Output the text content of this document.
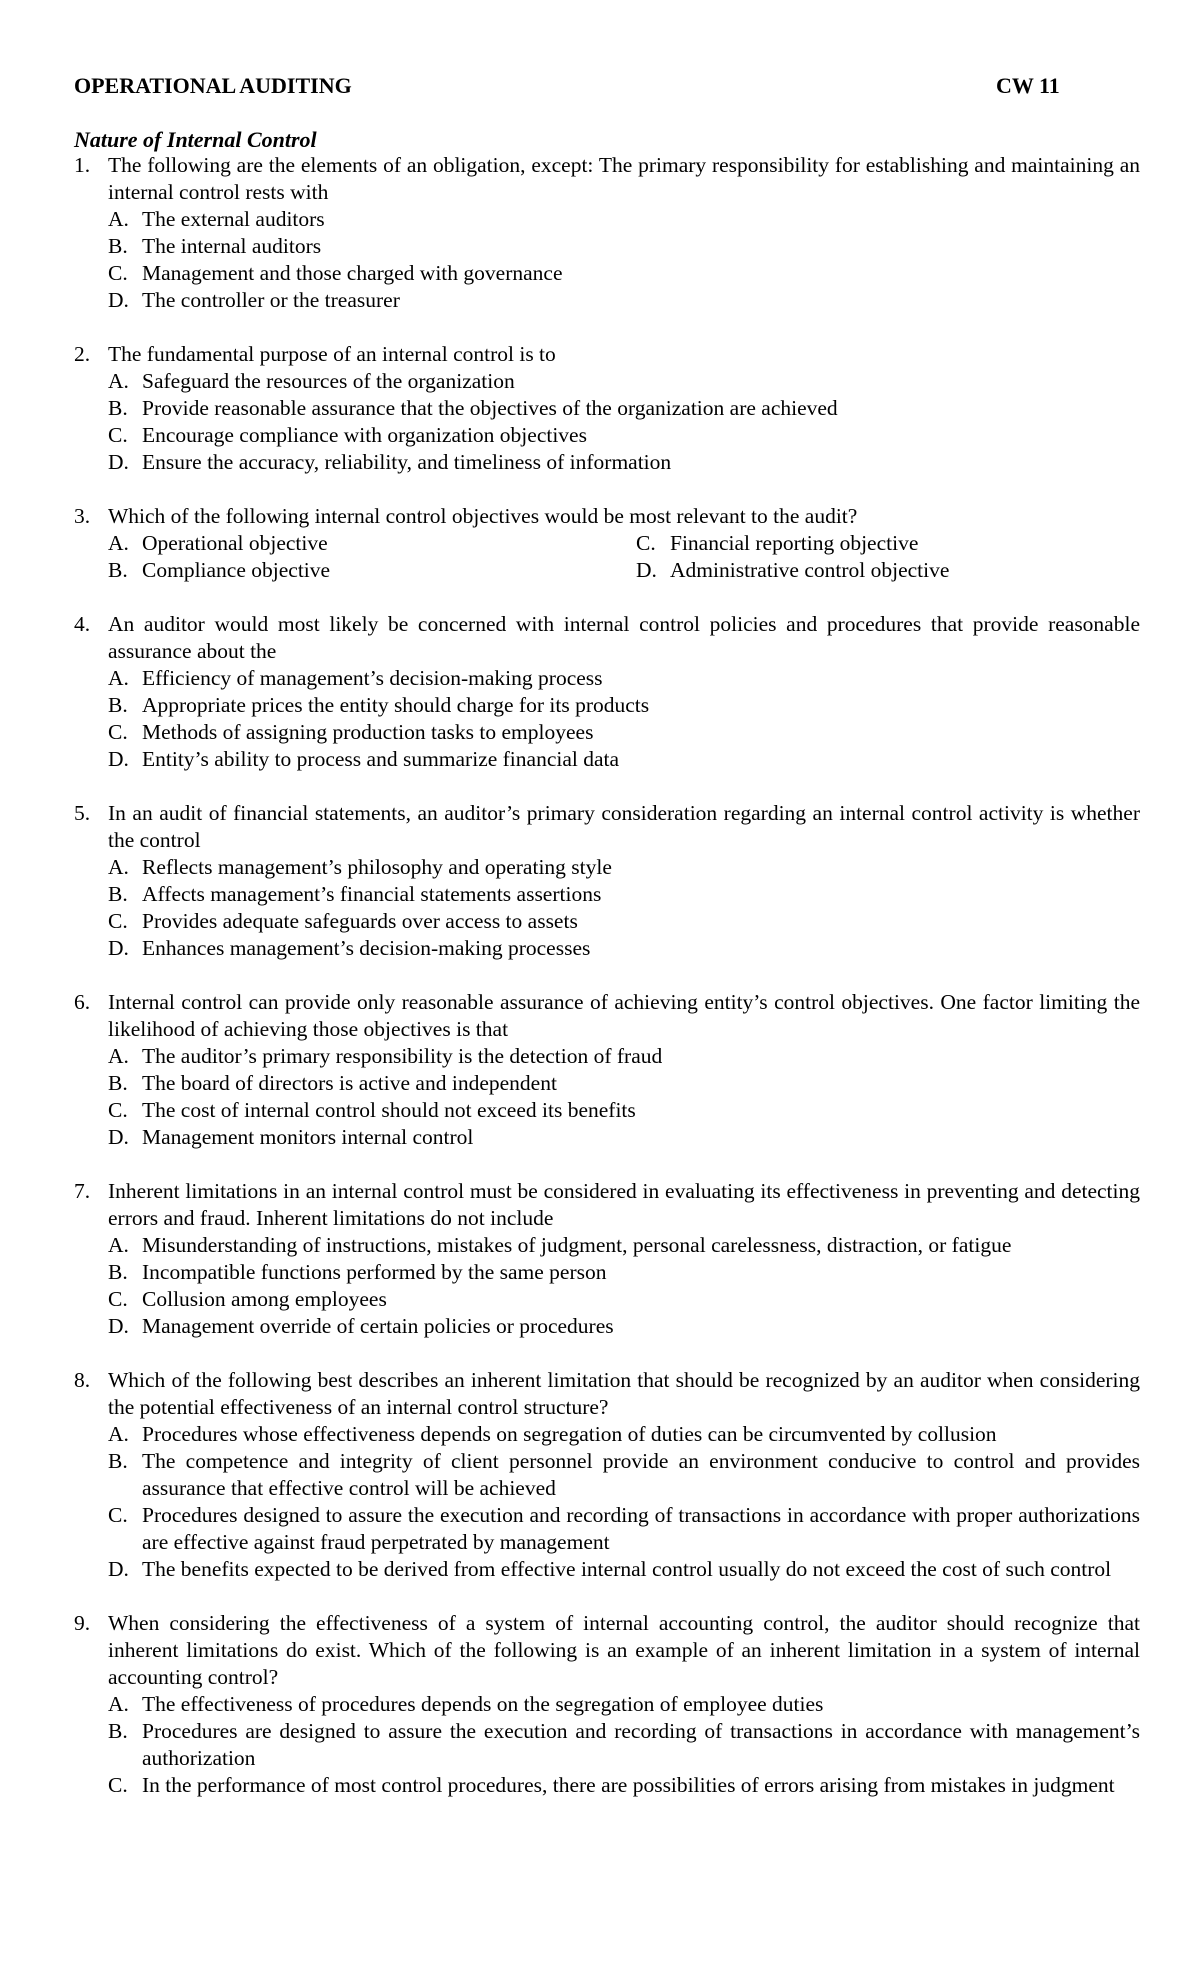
OPERATIONAL AUDITING	CW 11
Nature of Internal Control
1. The following are the elements of an obligation, except: The primary responsibility for establishing and maintaining an internal control rests with
A. The external auditors
B. The internal auditors
C. Management and those charged with governance
D. The controller or the treasurer
2. The fundamental purpose of an internal control is to
A. Safeguard the resources of the organization
B. Provide reasonable assurance that the objectives of the organization are achieved
C. Encourage compliance with organization objectives
D. Ensure the accuracy, reliability, and timeliness of information
3. Which of the following internal control objectives would be most relevant to the audit?
A. Operational objective	C. Financial reporting objective
B. Compliance objective	D. Administrative control objective
4. An auditor would most likely be concerned with internal control policies and procedures that provide reasonable assurance about the
A. Efficiency of management’s decision-making process
B. Appropriate prices the entity should charge for its products
C. Methods of assigning production tasks to employees
D. Entity’s ability to process and summarize financial data
5. In an audit of financial statements, an auditor’s primary consideration regarding an internal control activity is whether the control
A. Reflects management’s philosophy and operating style
B. Affects management’s financial statements assertions
C. Provides adequate safeguards over access to assets
D. Enhances management’s decision-making processes
6. Internal control can provide only reasonable assurance of achieving entity’s control objectives. One factor limiting the likelihood of achieving those objectives is that
A. The auditor’s primary responsibility is the detection of fraud
B. The board of directors is active and independent
C. The cost of internal control should not exceed its benefits
D. Management monitors internal control
7. Inherent limitations in an internal control must be considered in evaluating its effectiveness in preventing and detecting errors and fraud. Inherent limitations do not include
A. Misunderstanding of instructions, mistakes of judgment, personal carelessness, distraction, or fatigue
B. Incompatible functions performed by the same person
C. Collusion among employees
D. Management override of certain policies or procedures
8. Which of the following best describes an inherent limitation that should be recognized by an auditor when considering the potential effectiveness of an internal control structure?
A. Procedures whose effectiveness depends on segregation of duties can be circumvented by collusion
B. The competence and integrity of client personnel provide an environment conducive to control and provides assurance that effective control will be achieved
C. Procedures designed to assure the execution and recording of transactions in accordance with proper authorizations are effective against fraud perpetrated by management
D. The benefits expected to be derived from effective internal control usually do not exceed the cost of such control
9. When considering the effectiveness of a system of internal accounting control, the auditor should recognize that inherent limitations do exist. Which of the following is an example of an inherent limitation in a system of internal accounting control?
A. The effectiveness of procedures depends on the segregation of employee duties
B. Procedures are designed to assure the execution and recording of transactions in accordance with management’s authorization
C. In the performance of most control procedures, there are possibilities of errors arising from mistakes in judgment
